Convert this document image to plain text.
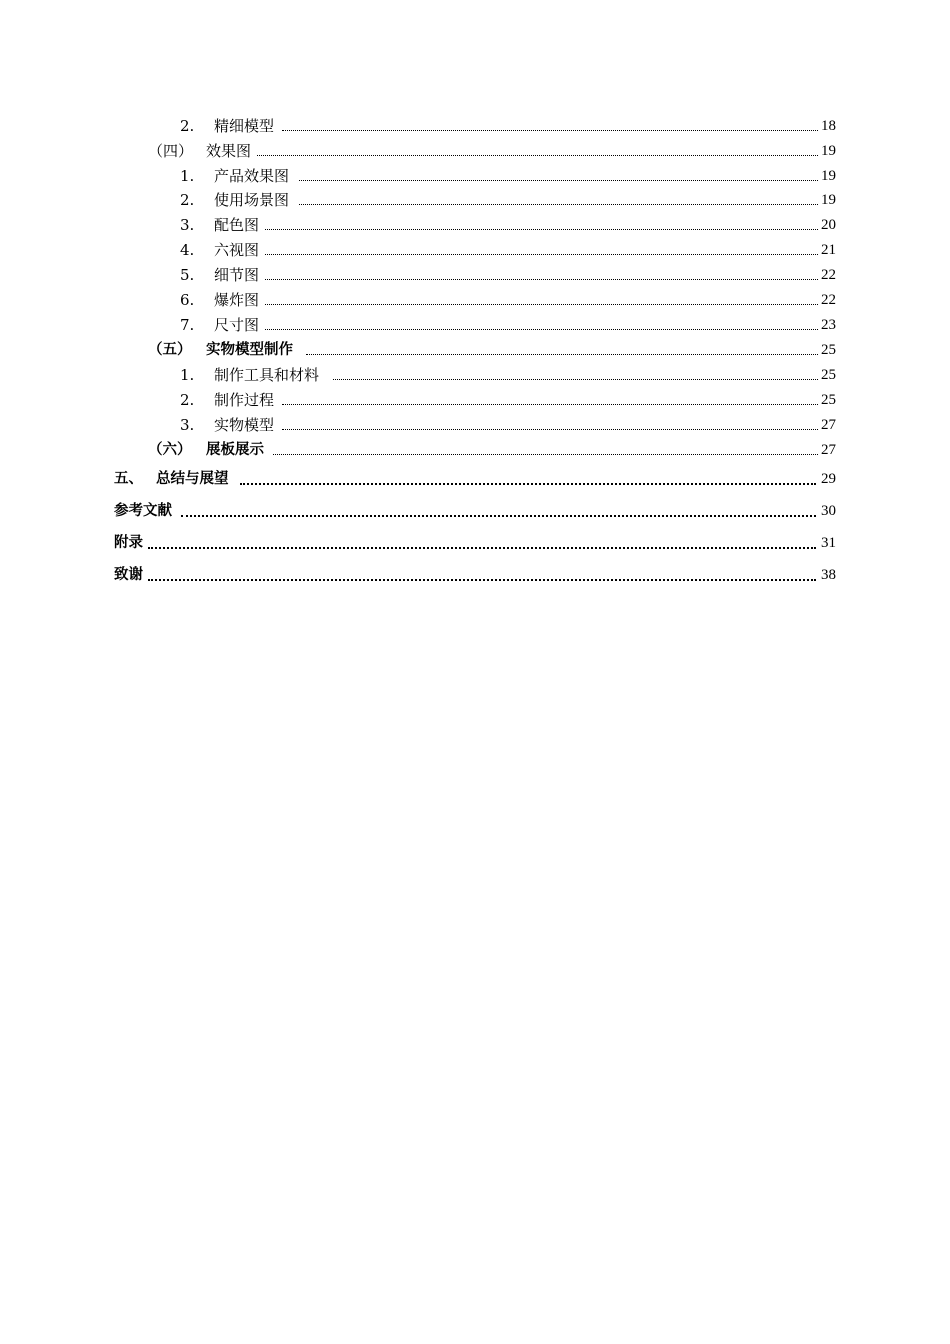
2. 精细模型	18
（四） 效果图	19
1. 产品效果图	19
2. 使用场景图	19
3. 配色图	20
4. 六视图	21
5. 细节图	22
6. 爆炸图	22
7. 尺寸图	23
（五） 实物模型制作	25
1. 制作工具和材料	25
2. 制作过程	25
3. 实物模型	27
（六） 展板展示	27
五、 总结与展望	29
参考文献	30
附录	31
致谢	38
